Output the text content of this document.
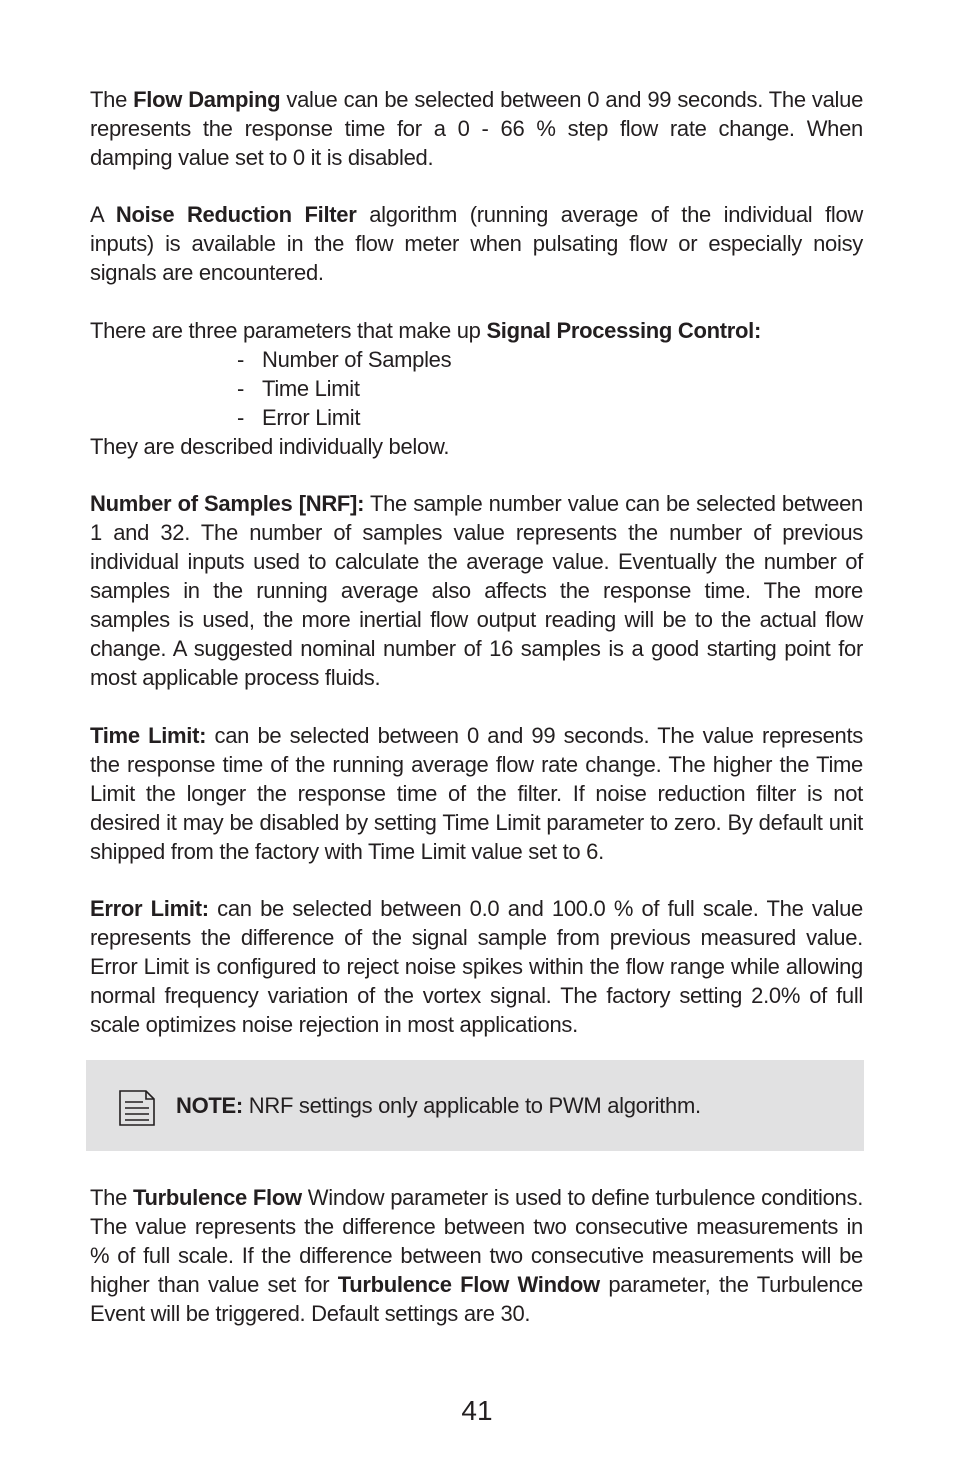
The Flow Damping value can be selected between 0 and 99 seconds. The value represents the response time for a 0 - 66 % step flow rate change. When damping value set to 0 it is disabled.

A Noise Reduction Filter algorithm (running average of the individual flow inputs) is available in the flow meter when pulsating flow or especially noisy signals are encountered.

There are three parameters that make up Signal Processing Control:

- Number of Samples
- Time Limit
- Error Limit

They are described individually below.

Number of Samples [NRF]: The sample number value can be selected between 1 and 32. The number of samples value represents the number of previous individual inputs used to calculate the average value. Eventually the number of samples in the running average also affects the response time. The more samples is used, the more inertial flow output reading will be to the actual flow change. A suggested nominal number of 16 samples is a good starting point for most applicable process fluids.

Time Limit: can be selected between 0 and 99 seconds. The value represents the response time of the running average flow rate change. The higher the Time Limit the longer the response time of the filter. If noise reduction filter is not desired it may be disabled by setting Time Limit parameter to zero. By default unit shipped from the factory with Time Limit value set to 6.

Error Limit: can be selected between 0.0 and 100.0 % of full scale. The value represents the difference of the signal sample from previous measured value. Error Limit is configured to reject noise spikes within the flow range while allowing normal frequency variation of the vortex signal. The factory setting 2.0% of full scale optimizes noise rejection in most applications.

NOTE: NRF settings only applicable to PWM algorithm.

The Turbulence Flow Window parameter is used to define turbulence conditions. The value represents the difference between two consecutive measurements in % of full scale. If the difference between two consecutive measurements will be higher than value set for Turbulence Flow Window parameter, the Turbulence Event will be triggered. Default settings are 30.

41
